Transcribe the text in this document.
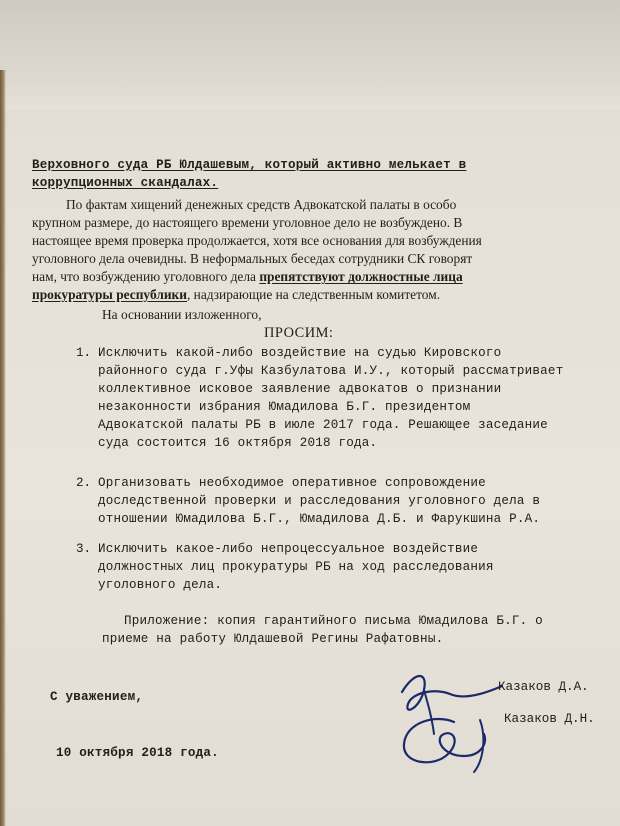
Верховного суда РБ Юлдашевым, который активно мелькает в
коррупционных скандалах.
По фактам хищений денежных средств Адвокатской палаты в особо
крупном размере, до настоящего времени уголовное дело не возбуждено. В
настоящее время проверка продолжается, хотя все основания для возбуждения
уголовного дела очевидны. В неформальных беседах сотрудники СК говорят
нам, что возбуждению уголовного дела препятствуют должностные лица
прокуратуры республики, надзирающие на следственным комитетом.
На основании изложенного,
ПРОСИМ:
1. Исключить какой-либо воздействие на судью Кировского
районного суда г.Уфы Казбулатова И.У., который рассматривает
коллективное исковое заявление адвокатов о признании
незаконности избрания Юмадилова Б.Г. президентом
Адвокатской палаты РБ в июле 2017 года. Решающее заседание
суда состоится 16 октября 2018 года.
2. Организовать необходимое оперативное сопровождение
доследственной проверки и расследования уголовного дела в
отношении Юмадилова Б.Г., Юмадилова Д.Б. и Фарукшина Р.А.
3. Исключить какое-либо непроцессуальное воздействие
должностных лиц прокуратуры РБ на ход расследования
уголовного дела.
Приложение: копия гарантийного письма Юмадилова Б.Г. о
приеме на работу Юлдашевой Регины Рафатовны.
С уважением,
Казаков Д.А.
Казаков Д.Н.
10 октября 2018 года.
